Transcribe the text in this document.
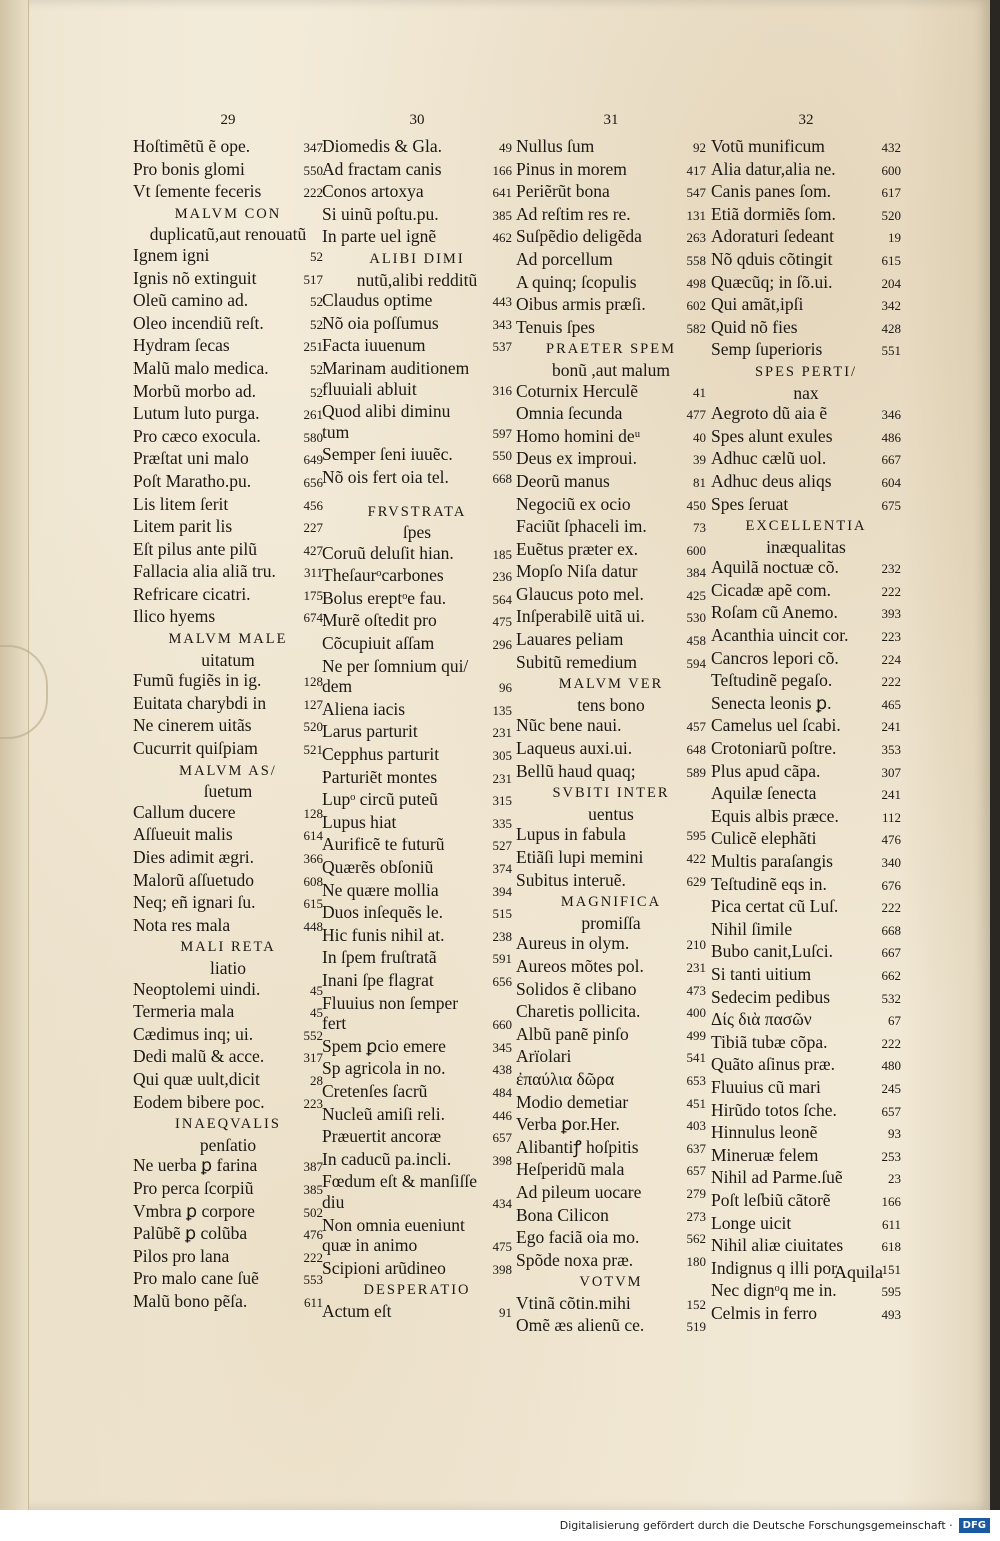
29
Hoſtimẽtũ ẽ ope.	347
Pro bonis glomi	550
Vt ſemente feceris	222
MALVM CON
duplicatũ,aut renouatũ
Ignem igni	52
Ignis nõ extinguit	517
Oleũ camino ad.	52
Oleo incendiũ reſt.	52
Hydram ſecas	251
Malũ malo medica.	52
Morbũ morbo ad.	52
Lutum luto purga.	261
Pro cæco exocula.	580
Præſtat uni malo	649
Poſt Maratho.pu.	656
Lis litem ſerit	456
Litem parit lis	227
Eſt pilus ante pilũ	427
Fallacia alia aliã tru. 311
Refricare cicatri.	175
Ilico hyems	674
MALVM MALE
uitatum
Fumũ fugiẽs in ig.	128
Euitata charybdi in	127
Ne cinerem uitãs	520
Cucurrit quiſpiam	521
MALVM AS/
ſuetum
Callum ducere	128
Aſſueuit malis	614
Dies adimit ægri.	366
Malorũ aſſuetudo	608
Neq; eñ ignari ſu.	615
Nota res mala	448
MALI RETA
liatio
Neoptolemi uindi.	45
Termeria mala	45
Cædimus inq; ui.	552
Dedi malũ & acce.	317
Qui quæ uult,dicit	28
Eodem bibere poc.	223
INAEQVALIS
penſatio
Ne uerba ꝑ farina	387
Pro perca ſcorpiũ	385
Vmbra ꝑ corpore	502
Palũbẽ ꝑ colũba	476
Pilos pro lana	222
Pro malo cane ſuẽ	553
Malũ bono pẽſa.	611
30
Diomedis & Gla.	49
Ad fractam canis	166
Conos artoxya	641
Si uinũ poſtu.pu.	385
In parte uel ignẽ	462
ALIBI DIMI
nutũ,alibi redditũ
Claudus optime	443
Nõ oia poſſumus	343
Facta iuuenum	537
Marinam auditionem
fluuiali abluit	316
Quod alibi diminu
tum	597
Semper ſeni iuuẽc.	550
Nõ ois fert oia tel.	668
FRVSTRATA
ſpes
Coruũ deluſit hian.	185
Theſaurᵒcarbones	236
Bolus ereptᵒe fau.	564
Murẽ oſtedit pro	475
Cõcupiuit aſſam	296
Ne per ſomnium qui/
dem	96
Aliena iacis	135
Larus parturit	231
Cepphus parturit	305
Parturiẽt montes	231
Lupᵒ circũ puteũ	315
Lupus hiat	335
Aurificẽ te futurũ	527
Quærẽs obſoniũ	374
Ne quære mollia	394
Duos inſequẽs le.	515
Hic funis nihil at.	238
In ſpem fruſtratã	591
Inani ſpe flagrat	656
Fluuius non ſemper
fert	660
Spem ꝑcio emere	345
Sp agricola in no.	438
Cretenſes ſacrũ	484
Nucleũ amiſi reli.	446
Præuertit ancoræ	657
In caducũ pa.incli.	398
Fœdum eſt & manſiſſe
diu	434
Non omnia eueniunt
quæ in animo	475
Scipioni arũdineo	398
DESPERATIO
Actum eſt	91
31
Nullus ſum	92
Pinus in morem	417
Periẽrũt bona	547
Ad reſtim res re.	131
Suſpẽdio deligẽda	263
Ad porcellum	558
A quinq; ſcopulis	498
Oibus armis præſi.	602
Tenuis ſpes	582
PRAETER SPEM
bonũ ,aut malum
Coturnix Herculẽ	41
Omnia ſecunda	477
Homo homini deᵘ	40
Deus ex improui.	39
Deorũ manus	81
Negociũ ex ocio	450
Faciũt ſphaceli im.	73
Euẽtus præter ex.	600
Mopſo Niſa datur	384
Glaucus poto mel.	425
Inſperabilẽ uitã ui.	530
Lauares peliam	458
Subitũ remedium	594
MALVM VER
tens bono
Nũc bene naui.	457
Laqueus auxi.ui.	648
Bellũ haud quaq;	589
SVBITI INTER
uentus
Lupus in fabula	595
Etiãſi lupi memini	422
Subitus interuẽ.	629
MAGNIFICA
promiſſa
Aureus in olym.	210
Aureos mõtes pol.	231
Solidos ẽ clibano	473
Charetis pollicita.	400
Albũ panẽ pinſo	499
Arïolari	541
ἐπαύλια δῶρα	653
Modio demetiar	451
Verba ꝑor.Her.	403
Alibantiꝭ hoſpitis	637
Heſperidũ mala	657
Ad pileum uocare	279
Bona Cilicon	273
Ego faciã oia mo.	562
Spõde noxa præ.	180
VOTVM
Vtinã cõtin.mihi	152
Omẽ æs alienũ ce.	519
32
Votũ munificum	432
Alia datur,alia ne.	600
Canis panes ſom.	617
Etiã dormiẽs ſom.	520
Adoraturi ſedeant	19
Nõ qduis cõtingit	615
Quæcũq; in ſõ.ui.	204
Qui amãt,ipſi	342
Quid nõ fies	428
Semp ſuperioris	551
SPES PERTI/
nax
Aegroto dũ aia ẽ	346
Spes alunt exules	486
Adhuc cælũ uol.	667
Adhuc deus aliqs	604
Spes ſeruat	675
EXCELLENTIA
inæqualitas
Aquilã noctuæ cõ.	232
Cicadæ apẽ com.	222
Roſam cũ Anemo.	393
Acanthia uincit cor.	223
Cancros lepori cõ.	224
Teſtudinẽ pegaſo.	222
Senecta leonis ꝑ.	465
Camelus uel ſcabi.	241
Crotoniarũ poſtre.	353
Plus apud cãpa.	307
Aquilæ ſenecta	241
Equis albis præce.	112
Culicẽ elephãti	476
Multis paraſangis	340
Teſtudinẽ eqs in.	676
Pica certat cũ Luſ.	222
Nihil ſimile	668
Bubo canit,Luſci.	667
Si tanti uitium	662
Sedecim pedibus	532
Δίς διὰ πασῶν	67
Tibiã tubæ cõpa.	222
Quãto aſinus præ.	480
Fluuius cũ mari	245
Hirũdo totos ſche.	657
Hinnulus leonẽ	93
Mineruæ felem	253
Nihil ad Parme.ſuẽ	23
Poſt leſbiũ cãtorẽ	166
Longe uicit	611
Nihil aliæ ciuitates	618
Indignus q illi por.	151
Nec dignᵒq me in.	595
Celmis in ferro	493
Aquila
Digitalisierung gefördert durch die Deutsche Forschungsgemeinschaft ·	DFG
